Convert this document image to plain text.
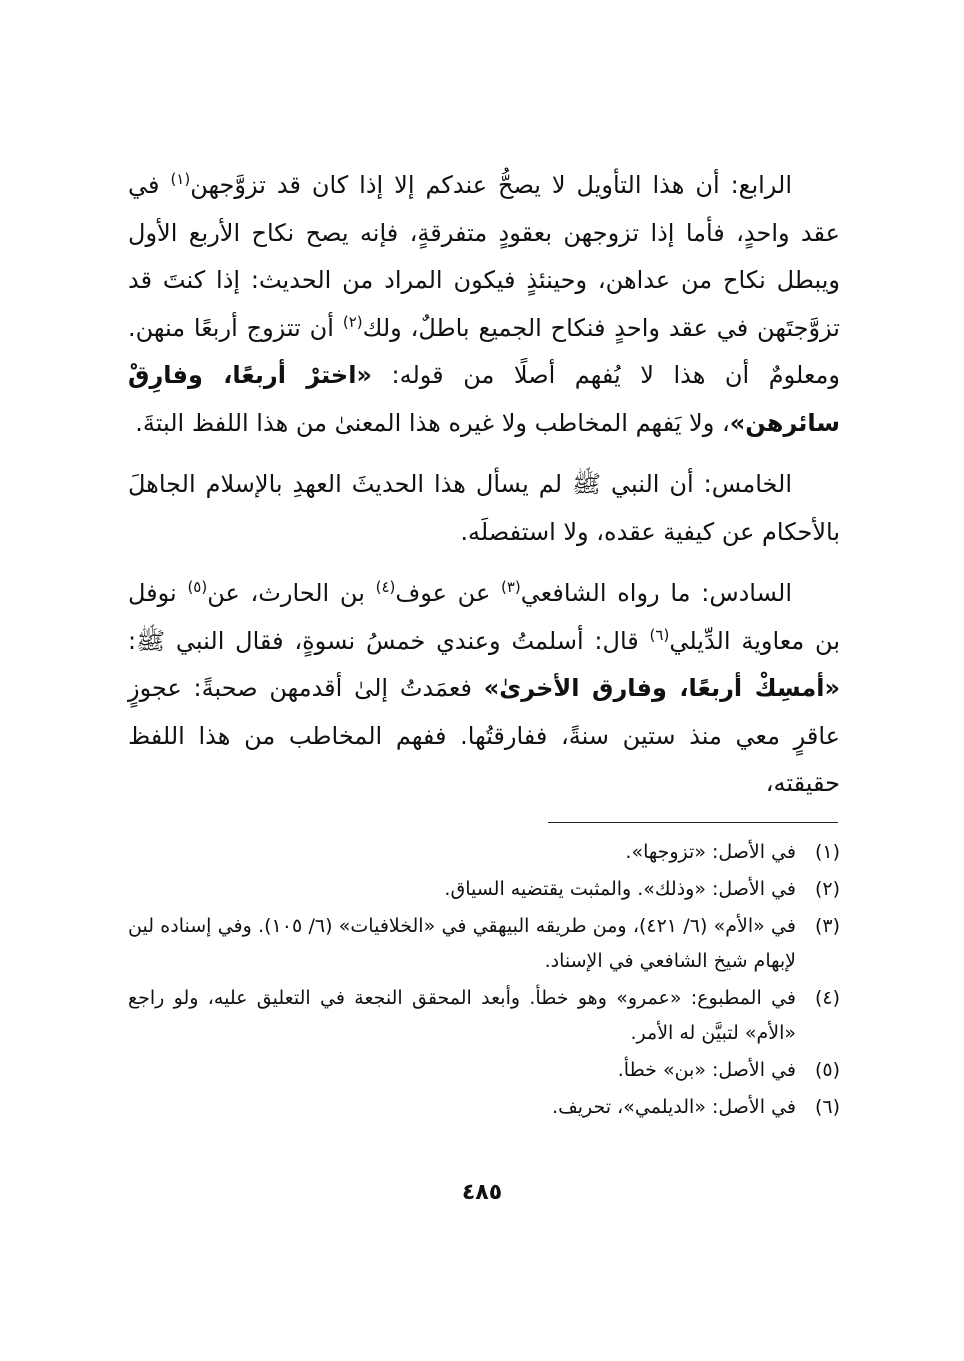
الرابع: أن هذا التأويل لا يصحُّ عندكم إلا إذا كان قد تزوَّجهن$^{(١)}$ في عقد واحدٍ، فأما إذا تزوجهن بعقودٍ متفرقةٍ، فإنه يصح نكاح الأربع الأول ويبطل نكاح من عداهن، وحينئذٍ فيكون المراد من الحديث: إذا كنتَ قد تزوَّجتَهن في عقد واحدٍ فنكاح الجميع باطلٌ، ولك$^{(٢)}$ أن تتزوج أربعًا منهن. ومعلومٌ أن هذا لا يُفهم أصلًا من قوله: «اخترْ أربعًا، وفارِقْ سائرهن»، ولا يَفهم المخاطب ولا غيره هذا المعنىٰ من هذا اللفظ البتةَ.

الخامس: أن النبي ﷺ لم يسأل هذا الحديثَ العهدِ بالإسلام الجاهلَ بالأحكام عن كيفية عقده، ولا استفصلَه.

السادس: ما رواه الشافعي$^{(٣)}$ عن عوف$^{(٤)}$ بن الحارث، عن$^{(٥)}$ نوفل بن معاوية الدِّيلي$^{(٦)}$ قال: أسلمتُ وعندي خمسُ نسوةٍ، فقال النبي ﷺ: «أمسِكْ أربعًا، وفارق الأخرىٰ» فعمَدتُ إلىٰ أقدمهن صحبةً: عجوزٍ عاقرٍ معي منذ ستين سنةً، ففارقتُها. ففهم المخاطب من هذا اللفظ حقيقته،

(١)
في الأصل: «تزوجها».
(٢)
في الأصل: «وذلك». والمثبت يقتضيه السياق.
(٣)
في «الأم» (٦/ ٤٢١)، ومن طريقه البيهقي في «الخلافيات» (٦/ ١٠٥). وفي إسناده لين لإبهام شيخ الشافعي في الإسناد.
(٤)
في المطبوع: «عمرو» وهو خطأ. وأبعد المحقق النجعة في التعليق عليه، ولو راجع «الأم» لتبيَّن له الأمر.
(٥)
في الأصل: «بن» خطأ.
(٦)
في الأصل: «الديلمي»، تحريف.
٤٨٥
